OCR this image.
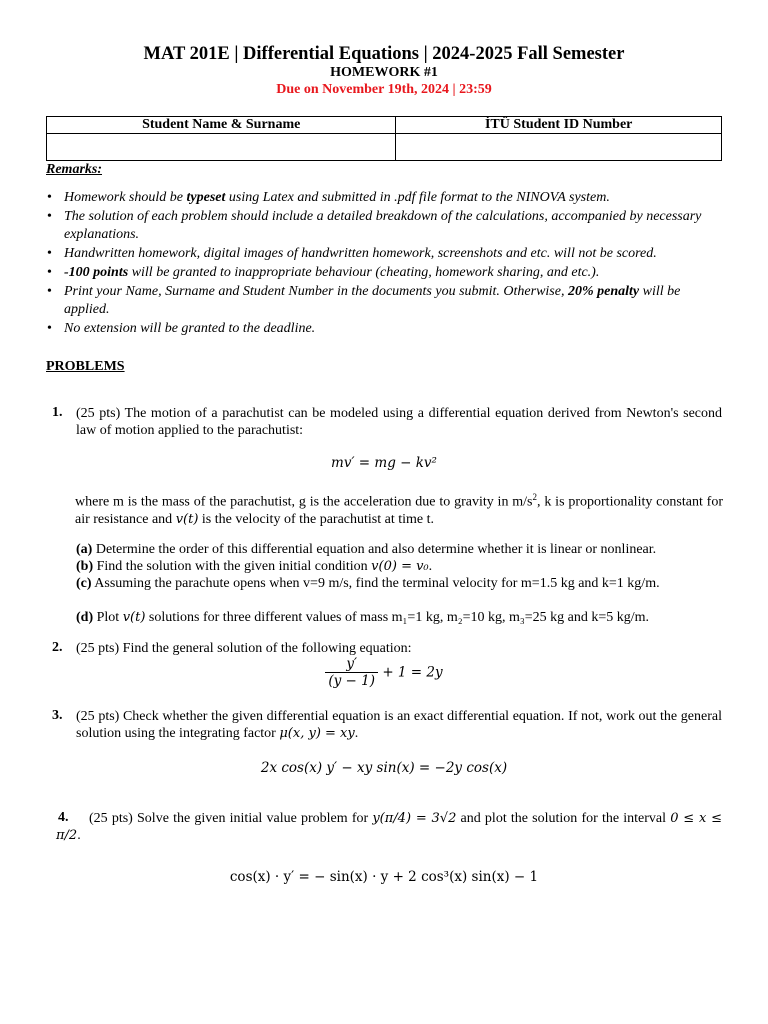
MAT 201E | Differential Equations | 2024-2025 Fall Semester
HOMEWORK #1
Due on November 19th, 2024 | 23:59
Student Name & Surname	İTÜ Student ID Number

Remarks:
• Homework should be typeset using Latex and submitted in .pdf file format to the NINOVA system.
• The solution of each problem should include a detailed breakdown of the calculations, accompanied by necessary explanations.
• Handwritten homework, digital images of handwritten homework, screenshots and etc. will not be scored.
• -100 points will be granted to inappropriate behaviour (cheating, homework sharing, and etc.).
• Print your Name, Surname and Student Number in the documents you submit. Otherwise, 20% penalty will be applied.
• No extension will be granted to the deadline.
PROBLEMS
1. (25 pts) The motion of a parachutist can be modeled using a differential equation derived from Newton's second law of motion applied to the parachutist:
mv′ = mg − kv²
where m is the mass of the parachutist, g is the acceleration due to gravity in $m/s^2$, k is proportionality constant for air resistance and v(t) is the velocity of the parachutist at time t.
(a) Determine the order of this differential equation and also determine whether it is linear or nonlinear.
(b) Find the solution with the given initial condition v(0) = v₀.
(c) Assuming the parachute opens when v=9 m/s, find the terminal velocity for m=1.5 kg and k=1 kg/m.
(d) Plot v(t) solutions for three different values of mass m₁=1 kg, m₂=10 kg, m₃=25 kg and k=5 kg/m.
2. (25 pts) Find the general solution of the following equation:
$\frac{y'}{(y - 1)} + 1 = 2y$
3. (25 pts) Check whether the given differential equation is an exact differential equation. If not, work out the general solution using the integrating factor μ(x, y) = xy.
2x cos(x) y′ − xy sin(x) = −2y cos(x)
4.	(25 pts) Solve the given initial value problem for y(π/4) = 3√2 and plot the solution for the interval 0 ≤ x ≤ π/2.
cos(x) · y′ = − sin(x) · y + 2 cos³(x) sin(x) − 1
